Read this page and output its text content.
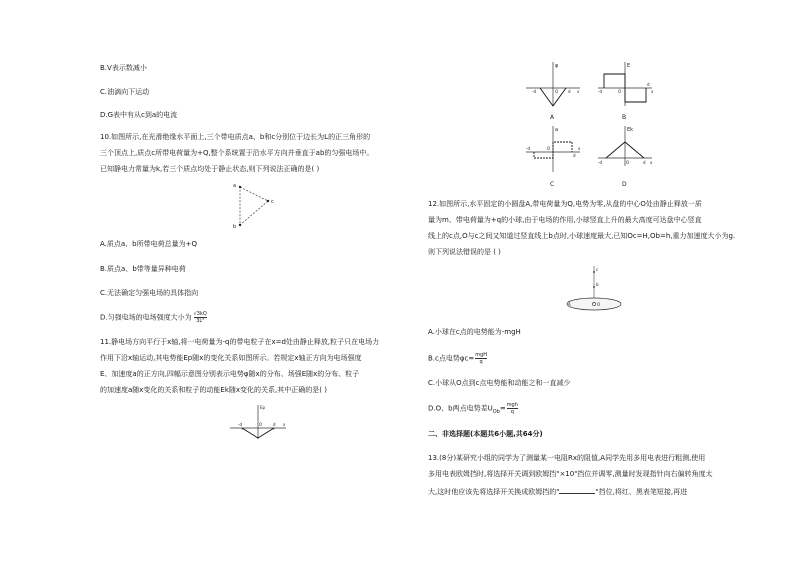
B.V表示数减小
C.油滴向下运动
D.G表中有从c到a的电流
10.如图所示,在光滑绝缘水平面上,三个带电质点a、b和c分别位于边长为L的正三角形的
三个顶点上,质点c所带电荷量为+Q,整个系统置于沿水平方向并垂直于ab的匀强电场中。
已知静电力常量为k,若三个质点均处于静止状态,则下列说法正确的是( )
a
c
b
A.质点a、b所带电荷总量为+Q
B.质点a、b带等量异种电荷
C.无法确定匀强电场的具体指向
D.匀强电场的电场强度大小为 $\frac{√3kQ}{\text{3L²}}$
11.静电场方向平行于x轴,将一电荷量为-q的带电粒子在x=d处由静止释放,粒子只在电场力
作用下沿x轴运动,其电势能Ep随x的变化关系如图所示。若规定x轴正方向为电场强度
E、加速度a的正方向,四幅示意图分别表示电势φ随x的分布、场强E随x的分布、粒子
的加速度a随x变化的关系和粒子的动能Ek随x变化的关系,其中正确的是( )
Ep
-d	O	d x
φ
-d	O d x
A
E
-d	O
d
x
B
a
-d	O
d
x
C
Ek
-d	O	d x
D
12.如图所示,水平固定的小圆盘A,带电荷量为Q,电势为零,从盘的中心O处由静止释放一质
量为m、带电荷量为+q的小球,由于电场的作用,小球竖直上升的最大高度可达盘中心竖直
线上的c点,O与c之间又知道过竖直线上b点时,小球速度最大,已知Oc=H,Ob=h,重力加速度大小为g.
则下列说法错误的是 ( )
c
b
A	O
A.小球在c点的电势能为-mgH
B.c点电势φc= mgH
q
C.小球从O点到c点电势能和动能之和一直减少
D.O、b两点电势差$U_{Ob}=$ mgh
q
二、非选择题(本题共6小题,共64分)
13.(8分)某研究小组的同学为了测量某一电阻Rx的阻值,A同学先用多用电表进行粗测,使用
多用电表欧姆挡时,将选择开关调到欧姆挡"×10"挡位并调零,测量时发现指针向右偏转角度太
大,这时他应该先将选择开关换成欧姆挡的"	"挡位,将红、黑表笔短接,再进
